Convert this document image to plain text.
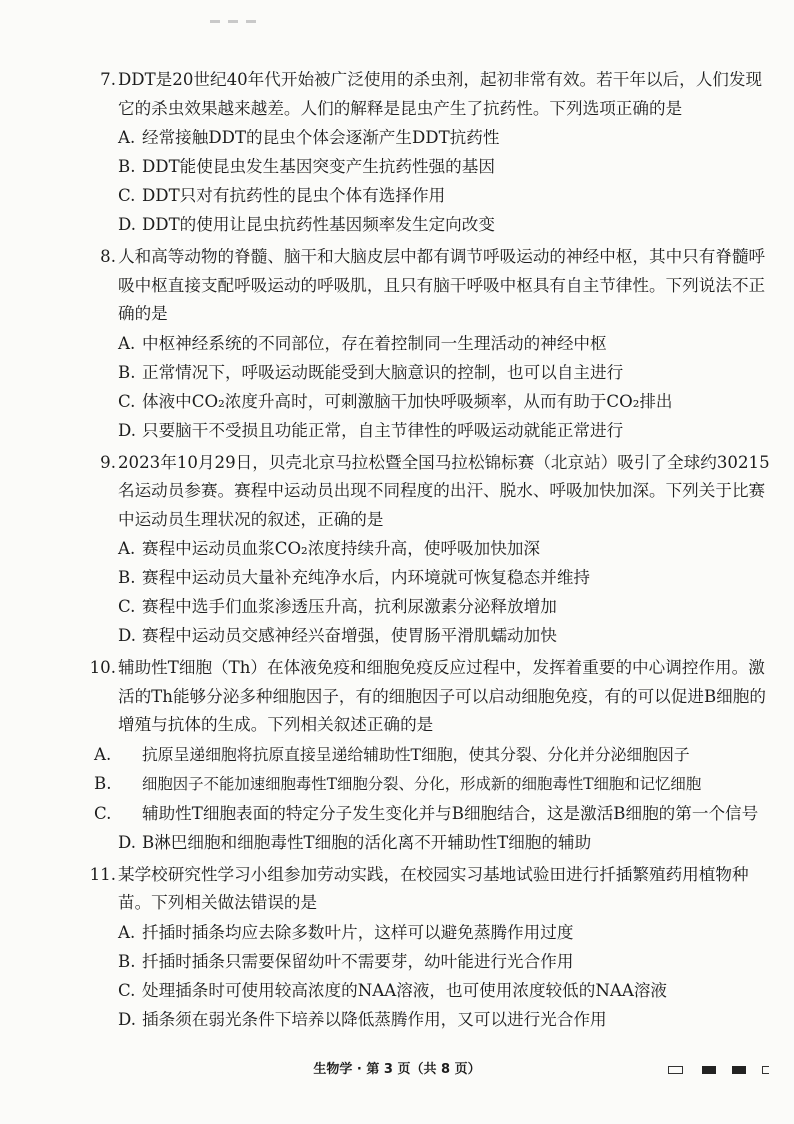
7. DDT是20世纪40年代开始被广泛使用的杀虫剂，起初非常有效。若干年以后，人们发现它的杀虫效果越来越差。人们的解释是昆虫产生了抗药性。下列选项正确的是
A. 经常接触DDT的昆虫个体会逐渐产生DDT抗药性
B. DDT能使昆虫发生基因突变产生抗药性强的基因
C. DDT只对有抗药性的昆虫个体有选择作用
D. DDT的使用让昆虫抗药性基因频率发生定向改变
8. 人和高等动物的脊髓、脑干和大脑皮层中都有调节呼吸运动的神经中枢，其中只有脊髓呼吸中枢直接支配呼吸运动的呼吸肌，且只有脑干呼吸中枢具有自主节律性。下列说法不正确的是
A. 中枢神经系统的不同部位，存在着控制同一生理活动的神经中枢
B. 正常情况下，呼吸运动既能受到大脑意识的控制，也可以自主进行
C. 体液中CO₂浓度升高时，可刺激脑干加快呼吸频率，从而有助于CO₂排出
D. 只要脑干不受损且功能正常，自主节律性的呼吸运动就能正常进行
9. 2023年10月29日，贝壳北京马拉松暨全国马拉松锦标赛（北京站）吸引了全球约30215名运动员参赛。赛程中运动员出现不同程度的出汗、脱水、呼吸加快加深。下列关于比赛中运动员生理状况的叙述，正确的是
A. 赛程中运动员血浆CO₂浓度持续升高，使呼吸加快加深
B. 赛程中运动员大量补充纯净水后，内环境就可恢复稳态并维持
C. 赛程中选手们血浆渗透压升高，抗利尿激素分泌释放增加
D. 赛程中运动员交感神经兴奋增强，使胃肠平滑肌蠕动加快
10. 辅助性T细胞（Th）在体液免疫和细胞免疫反应过程中，发挥着重要的中心调控作用。激活的Th能够分泌多种细胞因子，有的细胞因子可以启动细胞免疫，有的可以促进B细胞的增殖与抗体的生成。下列相关叙述正确的是
A. 抗原呈递细胞将抗原直接呈递给辅助性T细胞，使其分裂、分化并分泌细胞因子
B. 细胞因子不能加速细胞毒性T细胞分裂、分化，形成新的细胞毒性T细胞和记忆细胞
C. 辅助性T细胞表面的特定分子发生变化并与B细胞结合，这是激活B细胞的第一个信号
D. B淋巴细胞和细胞毒性T细胞的活化离不开辅助性T细胞的辅助
11. 某学校研究性学习小组参加劳动实践，在校园实习基地试验田进行扦插繁殖药用植物种苗。下列相关做法错误的是
A. 扦插时插条均应去除多数叶片，这样可以避免蒸腾作用过度
B. 扦插时插条只需要保留幼叶不需要芽，幼叶能进行光合作用
C. 处理插条时可使用较高浓度的NAA溶液，也可使用浓度较低的NAA溶液
D. 插条须在弱光条件下培养以降低蒸腾作用，又可以进行光合作用
生物学 · 第 3 页（共 8 页）
